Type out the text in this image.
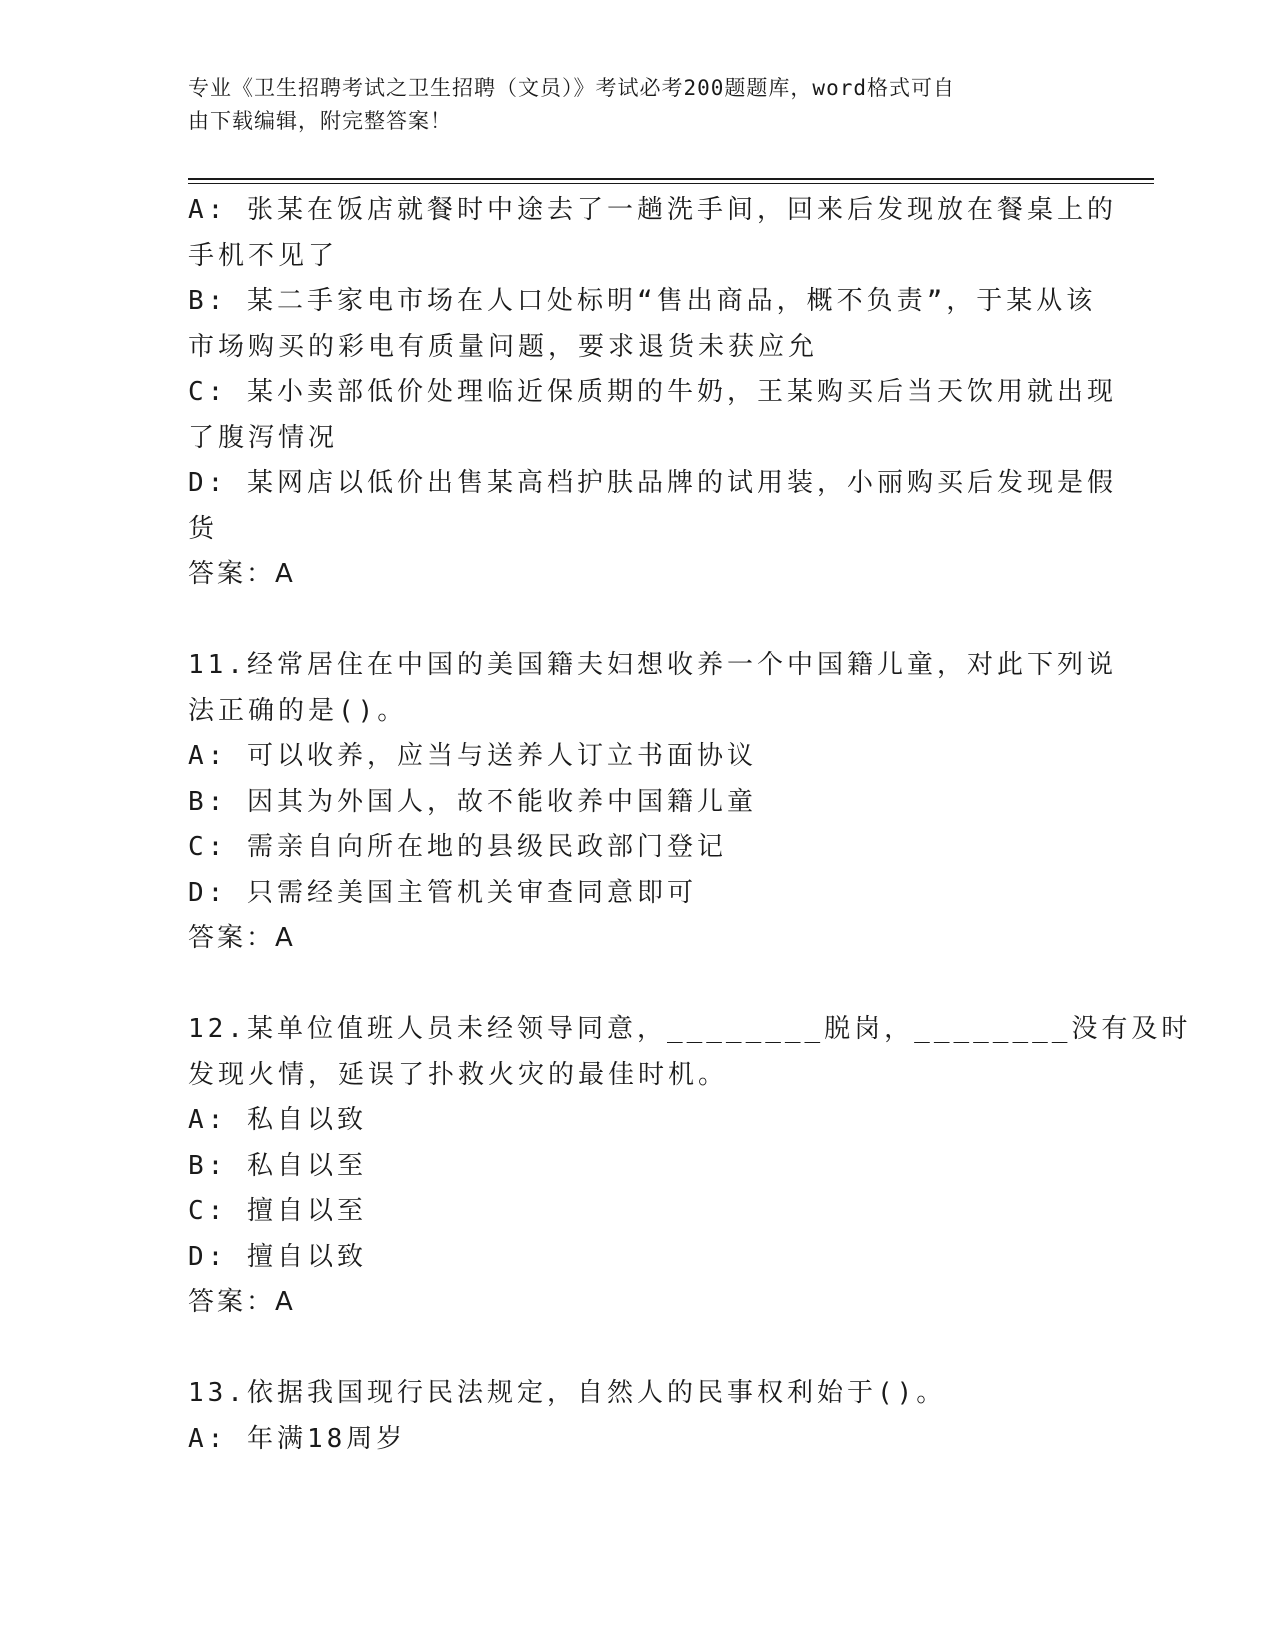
专业《卫生招聘考试之卫生招聘（文员）》考试必考200题题库，word格式可自
由下载编辑，附完整答案！
A: 张某在饭店就餐时中途去了一趟洗手间，回来后发现放在餐桌上的
手机不见了
B: 某二手家电市场在人口处标明“售出商品，概不负责”，于某从该
市场购买的彩电有质量问题，要求退货未获应允
C: 某小卖部低价处理临近保质期的牛奶，王某购买后当天饮用就出现
了腹泻情况
D: 某网店以低价出售某高档护肤品牌的试用装，小丽购买后发现是假
货
答案：A
11.经常居住在中国的美国籍夫妇想收养一个中国籍儿童，对此下列说
法正确的是()。
A: 可以收养，应当与送养人订立书面协议
B: 因其为外国人，故不能收养中国籍儿童
C: 需亲自向所在地的县级民政部门登记
D: 只需经美国主管机关审查同意即可
答案：A
12.某单位值班人员未经领导同意，________脱岗，________没有及时
发现火情，延误了扑救火灾的最佳时机。
A: 私自以致
B: 私自以至
C: 擅自以至
D: 擅自以致
答案：A
13.依据我国现行民法规定，自然人的民事权利始于()。
A: 年满18周岁
